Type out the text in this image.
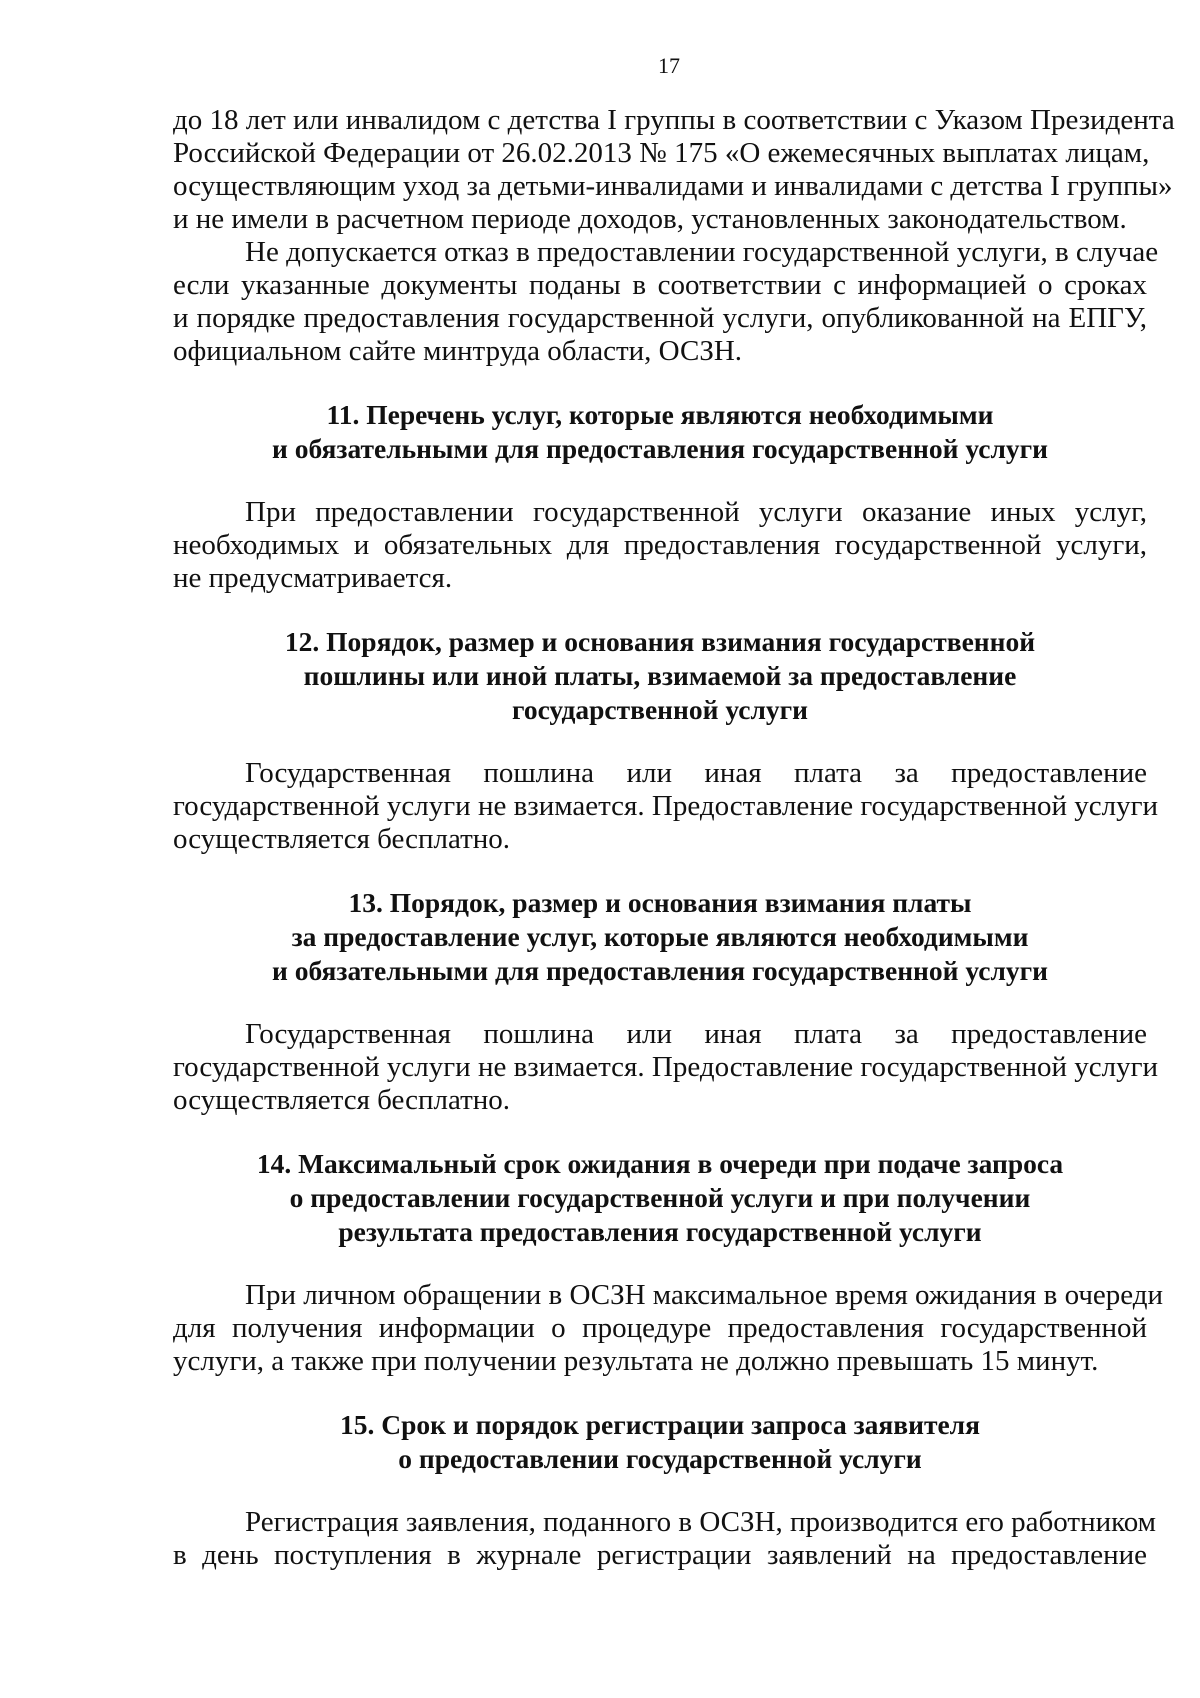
17
до 18 лет или инвалидом с детства I группы в соответствии с Указом Президента
Российской Федерации от 26.02.2013 № 175 «О ежемесячных выплатах лицам,
осуществляющим уход за детьми-инвалидами и инвалидами с детства I группы»
и не имели в расчетном периоде доходов, установленных законодательством.
Не допускается отказ в предоставлении государственной услуги, в случае
если указанные документы поданы в соответствии с информацией о сроках
и порядке предоставления государственной услуги, опубликованной на ЕПГУ,
официальном сайте минтруда области, ОСЗН.
11. Перечень услуг, которые являются необходимыми
и обязательными для предоставления государственной услуги
При предоставлении государственной услуги оказание иных услуг,
необходимых и обязательных для предоставления государственной услуги,
не предусматривается.
12. Порядок, размер и основания взимания государственной
пошлины или иной платы, взимаемой за предоставление
государственной услуги
Государственная пошлина или иная плата за предоставление
государственной услуги не взимается. Предоставление государственной услуги
осуществляется бесплатно.
13. Порядок, размер и основания взимания платы
за предоставление услуг, которые являются необходимыми
и обязательными для предоставления государственной услуги
Государственная пошлина или иная плата за предоставление
государственной услуги не взимается. Предоставление государственной услуги
осуществляется бесплатно.
14. Максимальный срок ожидания в очереди при подаче запроса
о предоставлении государственной услуги и при получении
результата предоставления государственной услуги
При личном обращении в ОСЗН максимальное время ожидания в очереди
для получения информации о процедуре предоставления государственной
услуги, а также при получении результата не должно превышать 15 минут.
15. Срок и порядок регистрации запроса заявителя
о предоставлении государственной услуги
Регистрация заявления, поданного в ОСЗН, производится его работником
в день поступления в журнале регистрации заявлений на предоставление
